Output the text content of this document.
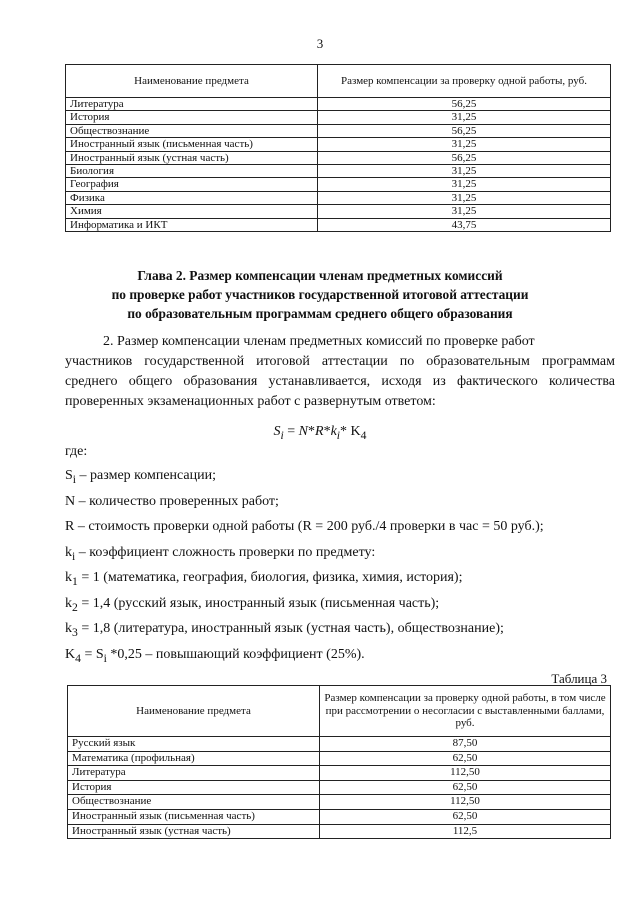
3
Наименование предмета	Размер компенсации за проверку одной работы, руб.
Литература	56,25
История	31,25
Обществознание	56,25
Иностранный язык (письменная часть)	31,25
Иностранный язык (устная часть)	56,25
Биология	31,25
География	31,25
Физика	31,25
Химия	31,25
Информатика и ИКТ	43,75
Глава 2. Размер компенсации членам предметных комиссий
по проверке работ участников государственной итоговой аттестации
по образовательным программам среднего общего образования
2. Размер компенсации членам предметных комиссий по проверке работ
участников государственной итоговой аттестации по образовательным программам среднего общего образования устанавливается, исходя из фактического количества проверенных экзаменационных работ с развернутым ответом:
$S_i = N*R*k_i*$ $K_4$
где:
$S_i$ – размер компенсации;
N – количество проверенных работ;
R – стоимость проверки одной работы (R = 200 руб./4 проверки в час = 50 руб.);
$k_i$ – коэффициент сложность проверки по предмету:
$k_1 = 1$ (математика, география, биология, физика, химия, история);
$k_2 = 1,4$ (русский язык, иностранный язык (письменная часть);
$k_3 = 1,8$ (литература, иностранный язык (устная часть), обществознание);
$K_4 = S_i$ *0,25 – повышающий коэффициент (25%).
Таблица 3
Наименование предмета	Размер компенсации за проверку одной работы, в том числе при рассмотрении о несогласии с выставленными баллами, руб.
Русский язык	87,50
Математика (профильная)	62,50
Литература	112,50
История	62,50
Обществознание	112,50
Иностранный язык (письменная часть)	62,50
Иностранный язык (устная часть)	112,5
